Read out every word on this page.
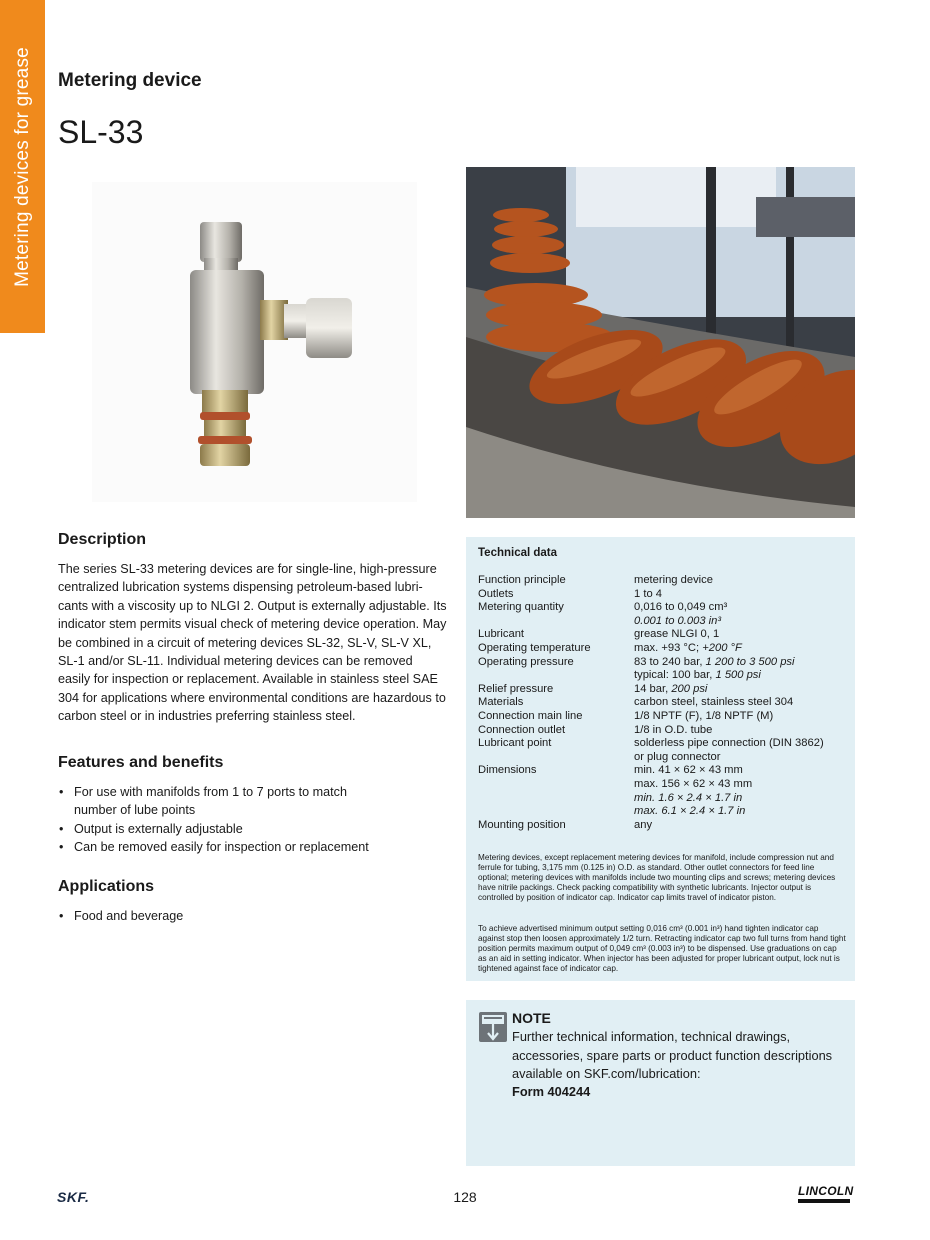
Metering devices for grease Metering device
SL-33
Description

The series SL-33 metering devices are for single-line, high-pressure centralized lubrication systems dispensing petroleum-based lubri-cants with a viscosity up to NLGI 2. Output is externally adjustable. Its indicator stem permits visual check of metering device operation. May be combined in a circuit of metering devices SL-32, SL-V, SL-V XL, SL-1 and/or SL-11. Individual metering devices can be removed easily for inspection or replacement. Available in stainless steel SAE 304 for applications where environmental conditions are hazardous to carbon steel or in industries preferring stainless steel.

Features and benefits
• For use with manifolds from 1 to 7 ports to match number of lube points
• Output is externally adjustable
• Can be removed easily for inspection or replacement
Applications
• Food and beverage
Technical data
Function principle	metering device
Outlets	1 to 4
Metering quantity	0,016 to 0,049 cm³
	0.001 to 0.003 in³
Lubricant	grease NLGI 0, 1
Operating temperature	max. +93 °C; +200 °F
Operating pressure	83 to 240 bar, 1 200 to 3 500 psi
	typical: 100 bar, 1 500 psi
Relief pressure	14 bar, 200 psi
Materials	carbon steel, stainless steel 304
Connection main line	1/8 NPTF (F), 1/8 NPTF (M)
Connection outlet	1/8 in O.D. tube
Lubricant point	solderless pipe connection (DIN 3862)
	or plug connector
Dimensions	min. 41 × 62 × 43 mm
	max. 156 × 62 × 43 mm
	min. 1.6 × 2.4 × 1.7 in
	max. 6.1 × 2.4 × 1.7 in
Mounting position	any

Metering devices, except replacement metering devices for manifold, include compression nut and ferrule for tubing, 3,175 mm (0.125 in) O.D. as standard. Other outlet connectors for feed line optional; metering devices with manifolds include two mounting clips and screws; metering devices have nitrile packings. Check packing compatibility with synthetic lubricants. Injector output is controlled by position of indicator cap. Indicator cap limits travel of indicator piston.

To achieve advertised minimum output setting 0,016 cm³ (0.001 in³) hand tighten indicator cap against stop then loosen approximately 1/2 turn. Retracting indicator cap two full turns from hand tight position permits maximum output of 0,049 cm³ (0.003 in³) to be dispensed. Use graduations on cap as an aid in setting indicator. When injector has been adjusted for proper lubricant output, lock nut is tightened against face of indicator cap.

NOTE
Further technical information, technical drawings, accessories, spare parts or product function descriptions available on SKF.com/lubrication:
Form 404244
SKF.	128	LINCOLN
